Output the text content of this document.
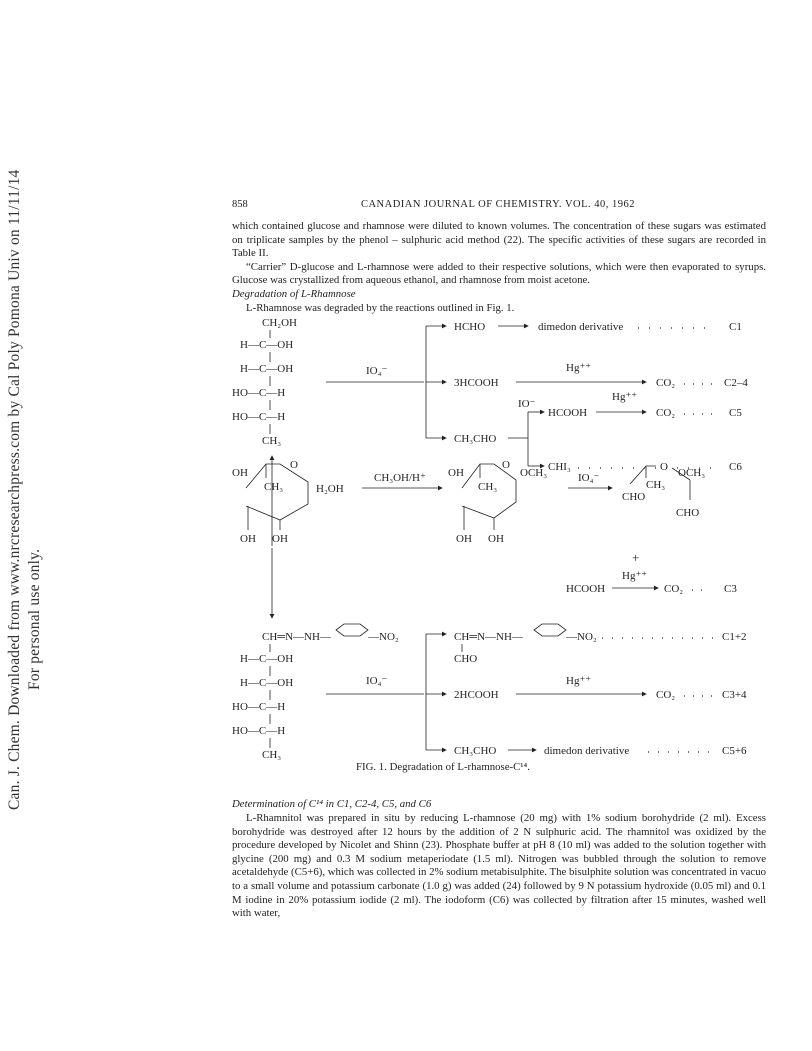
Can. J. Chem. Downloaded from www.nrcresearchpress.com by Cal Poly Pomona Univ on 11/11/14 For personal use only.
858	CANADIAN JOURNAL OF CHEMISTRY. VOL. 40, 1962

which contained glucose and rhamnose were diluted to known volumes. The concentration of these sugars was estimated on triplicate samples by the phenol – sulphuric acid method (22). The specific activities of these sugars are recorded in Table II.

“Carrier” D-glucose and L-rhamnose were added to their respective solutions, which were then evaporated to syrups. Glucose was crystallized from aqueous ethanol, and rhamnose from moist acetone.

Degradation of L-Rhamnose
L-Rhamnose was degraded by the reactions outlined in Fig. 1.
CH₂OH
H—C—OH
H—C—OH
HO—C—H
HO—C—H
CH₃
IO₄⁻
HCHO	dimedon derivative	C1
3HCOOH
Hg⁺⁺
CO₂	C2–4
CH₃CHO
IO⁻
HCOOH
Hg⁺⁺
CO₂	C5
CHI₃	C6
OH
O
CH₃
OH OH
H₂OH
CH₃OH/H⁺ OH
O
OCH₃
CH₃
OH OH
IO₄⁻
O OCH₃
CH₃
CHO
CHO
+
HCOOH
Hg⁺⁺
CO₂	C3
CH═N—NH—	—NO₂
H—C—OH
H—C—OH
HO—C—H
HO—C—H
CH₃
IO₄⁻
CH═N—NH—	—NO₂	C1+2
CHO
2HCOOH
Hg⁺⁺
CO₂	C3+4
CH₃CHO	dimedon derivative	C5+6
FIG. 1. Degradation of L-rhamnose-C¹⁴.
Determination of C¹⁴ in C1, C2-4, C5, and C6
L-Rhamnitol was prepared in situ by reducing L-rhamnose (20 mg) with 1% sodium borohydride (2 ml). Excess borohydride was destroyed after 12 hours by the addition of 2 N sulphuric acid. The rhamnitol was oxidized by the procedure developed by Nicolet and Shinn (23). Phosphate buffer at pH 8 (10 ml) was added to the solution together with glycine (200 mg) and 0.3 M sodium metaperiodate (1.5 ml). Nitrogen was bubbled through the solution to remove acetaldehyde (C5+6), which was collected in 2% sodium metabisulphite. The bisulphite solution was concentrated in vacuo to a small volume and potassium carbonate (1.0 g) was added (24) followed by 9 N potassium hydroxide (0.05 ml) and 0.1 M iodine in 20% potassium iodide (2 ml). The iodoform (C6) was collected by filtration after 15 minutes, washed well with water,
